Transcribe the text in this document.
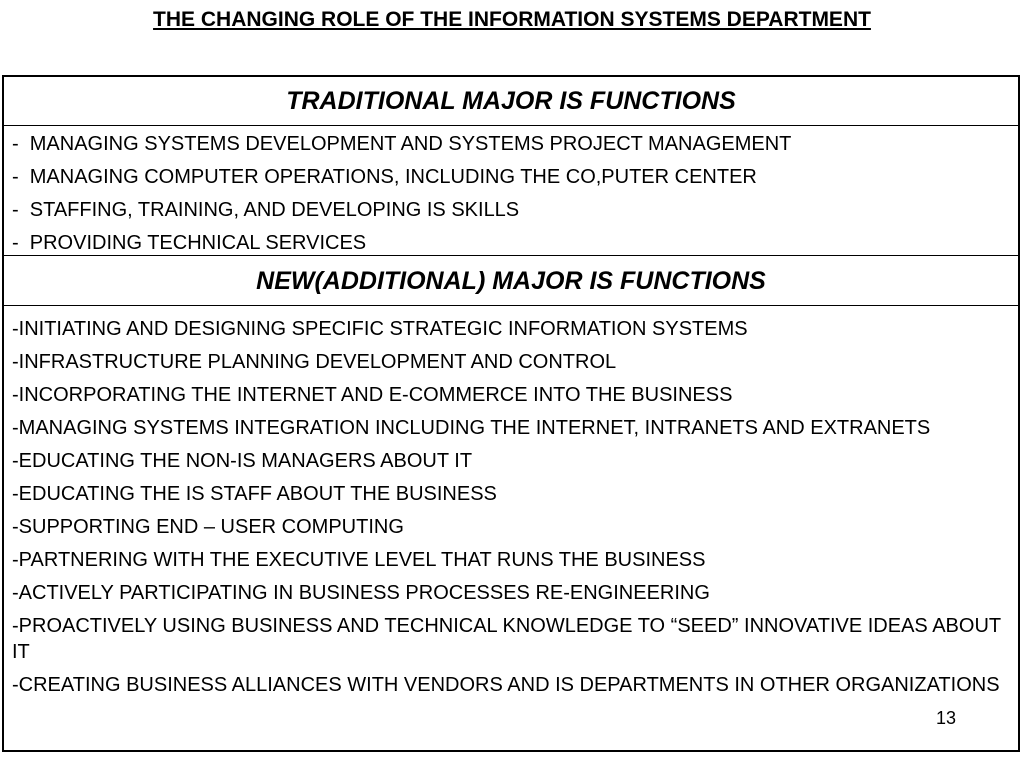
THE CHANGING ROLE OF THE INFORMATION SYSTEMS DEPARTMENT
TRADITIONAL MAJOR IS FUNCTIONS
-  MANAGING SYSTEMS DEVELOPMENT AND SYSTEMS PROJECT MANAGEMENT
-  MANAGING COMPUTER OPERATIONS, INCLUDING THE CO,PUTER CENTER
-  STAFFING, TRAINING, AND DEVELOPING IS SKILLS
-  PROVIDING TECHNICAL SERVICES
NEW(ADDITIONAL) MAJOR IS FUNCTIONS
-INITIATING AND DESIGNING SPECIFIC STRATEGIC INFORMATION SYSTEMS
-INFRASTRUCTURE PLANNING DEVELOPMENT AND CONTROL
-INCORPORATING THE INTERNET AND E-COMMERCE INTO THE BUSINESS
-MANAGING SYSTEMS INTEGRATION INCLUDING THE INTERNET, INTRANETS AND EXTRANETS
-EDUCATING THE NON-IS MANAGERS ABOUT IT
-EDUCATING THE IS STAFF ABOUT THE BUSINESS
-SUPPORTING END – USER COMPUTING
-PARTNERING WITH THE EXECUTIVE LEVEL THAT RUNS THE BUSINESS
-ACTIVELY PARTICIPATING IN BUSINESS PROCESSES RE-ENGINEERING
-PROACTIVELY USING BUSINESS AND TECHNICAL KNOWLEDGE TO “SEED” INNOVATIVE IDEAS ABOUT IT
-CREATING BUSINESS ALLIANCES WITH VENDORS AND IS DEPARTMENTS IN OTHER ORGANIZATIONS
13
